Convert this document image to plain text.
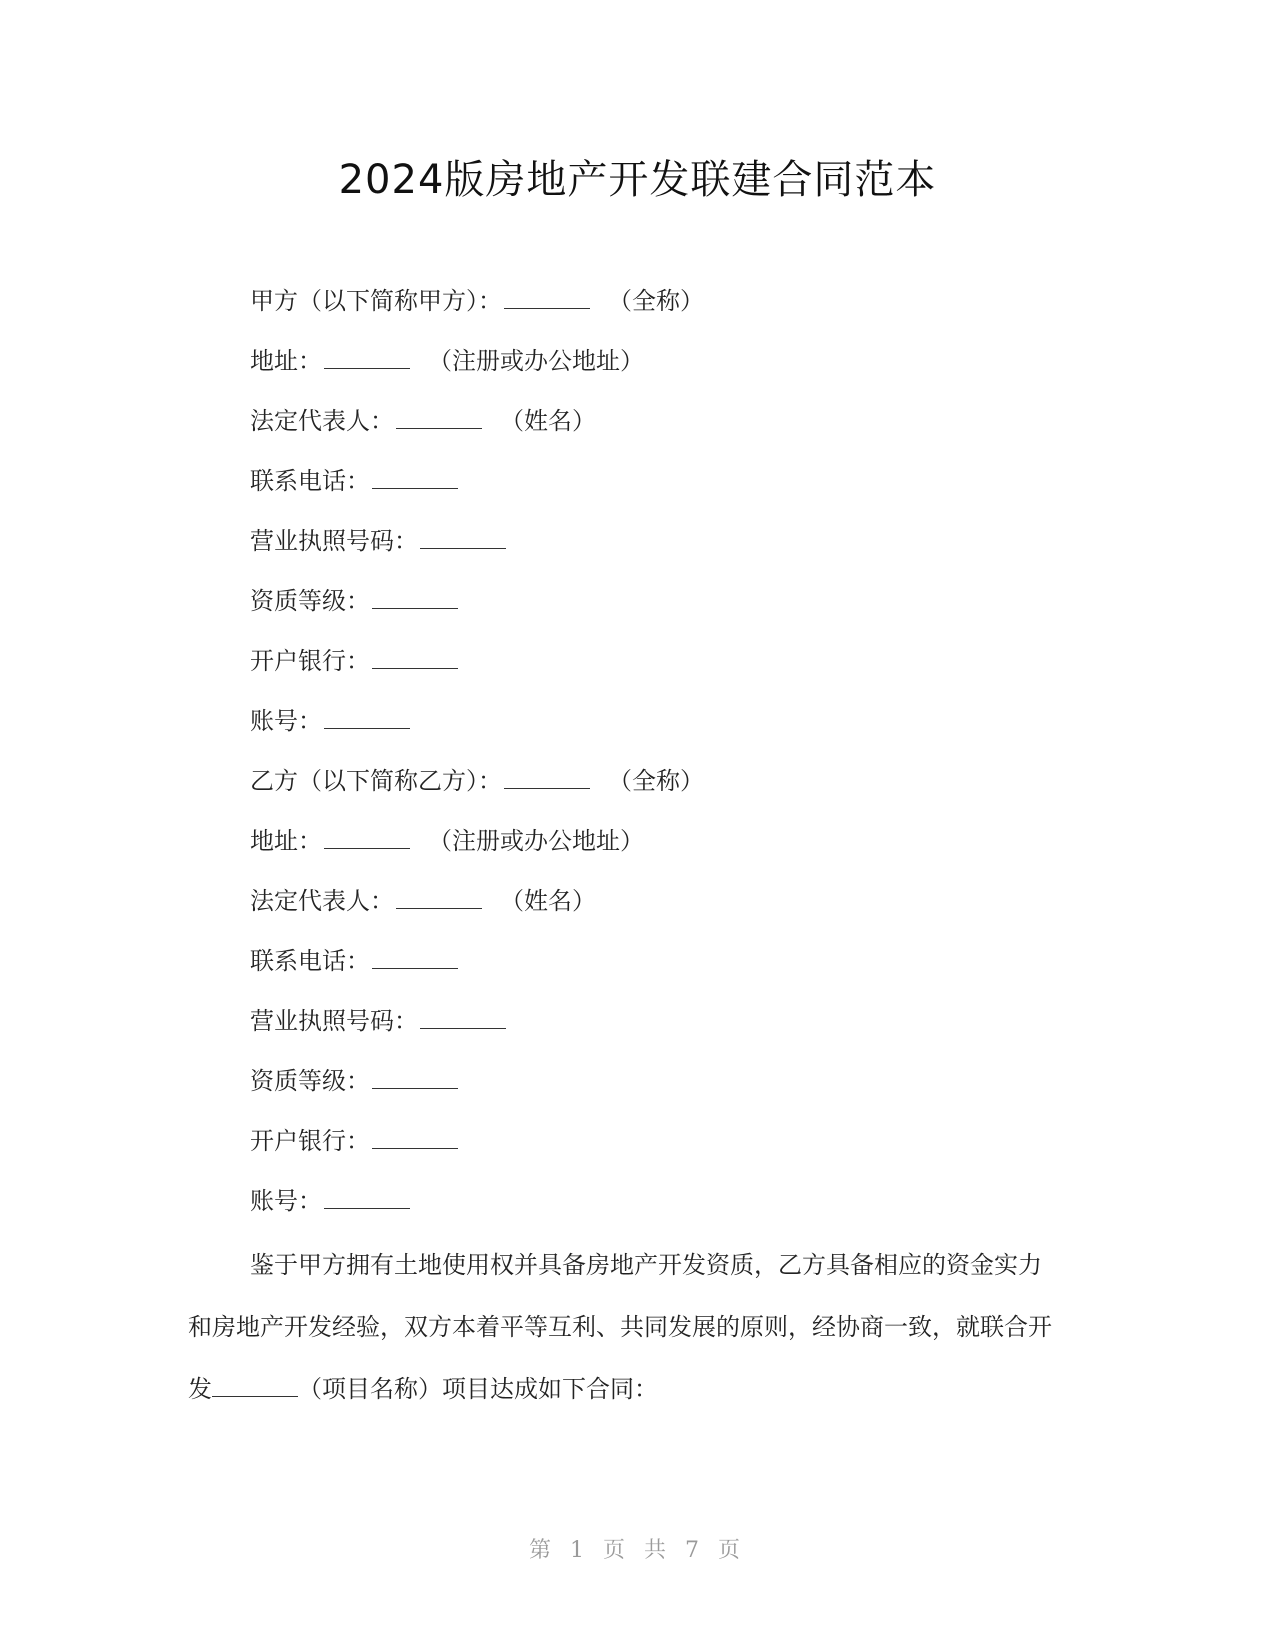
2024版房地产开发联建合同范本
甲方（以下简称甲方）：	（全称）
地址：	（注册或办公地址）
法定代表人：	（姓名）
联系电话：
营业执照号码：
资质等级：
开户银行：
账号：
乙方（以下简称乙方）：	（全称）
地址：	（注册或办公地址）
法定代表人：	（姓名）
联系电话：
营业执照号码：
资质等级：
开户银行：
账号：

鉴于甲方拥有土地使用权并具备房地产开发资质，乙方具备相应的资金实力

和房地产开发经验，双方本着平等互利、共同发展的原则，经协商一致，就联合开

发	（项目名称）项目达成如下合同：

第 1 页 共 7 页
